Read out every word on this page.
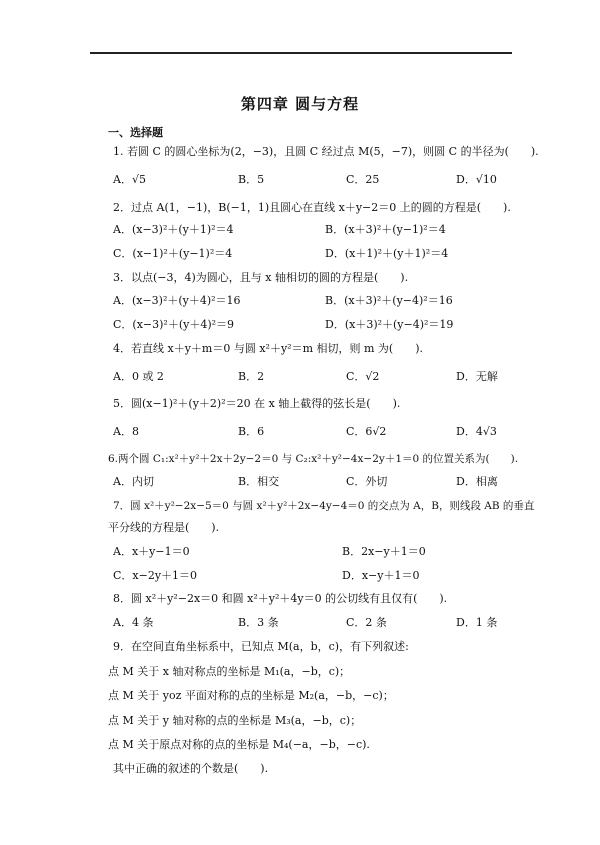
第四章 圆与方程
一、选择题
1. 若圆 C 的圆心坐标为(2，−3)，且圆 C 经过点 M(5，−7)，则圆 C 的半径为(　　).
A．√5	B．5	C．25	D．√10
2．过点 A(1，−1)，B(−1，1)且圆心在直线 x＋y−2＝0 上的圆的方程是(　　).
A．(x−3)²＋(y＋1)²＝4	B．(x＋3)²＋(y−1)²＝4
C．(x−1)²＋(y−1)²＝4	D．(x＋1)²＋(y＋1)²＝4
3．以点(−3，4)为圆心，且与 x 轴相切的圆的方程是(　　).
A．(x−3)²＋(y＋4)²＝16	B．(x＋3)²＋(y−4)²＝16
C．(x−3)²＋(y＋4)²＝9	D．(x＋3)²＋(y−4)²＝19
4．若直线 x＋y＋m＝0 与圆 x²＋y²＝m 相切，则 m 为(　　).
A．0 或 2	B．2	C．√2	D．无解
5．圆(x−1)²＋(y＋2)²＝20 在 x 轴上截得的弦长是(　　).
A．8	B．6	C．6√2	D．4√3
6.两个圆 C₁:x²＋y²＋2x＋2y−2＝0 与 C₂:x²＋y²−4x−2y＋1＝0 的位置关系为(　　).
A．内切	B．相交	C．外切	D．相离
7．圆 x²＋y²−2x−5＝0 与圆 x²＋y²＋2x−4y−4＝0 的交点为 A，B，则线段 AB 的垂直
平分线的方程是(　　).
A．x＋y−1＝0	B．2x−y＋1＝0
C．x−2y＋1＝0	D．x−y＋1＝0
8．圆 x²＋y²−2x＝0 和圆 x²＋y²＋4y＝0 的公切线有且仅有(　　).
A．4 条	B．3 条	C．2 条	D．1 条
9．在空间直角坐标系中，已知点 M(a，b，c)，有下列叙述:
点 M 关于 x 轴对称点的坐标是 M₁(a，−b，c)；
点 M 关于 yoz 平面对称的点的坐标是 M₂(a，−b，−c)；
点 M 关于 y 轴对称的点的坐标是 M₃(a，−b，c)；
点 M 关于原点对称的点的坐标是 M₄(−a，−b，−c).
其中正确的叙述的个数是(　　).
